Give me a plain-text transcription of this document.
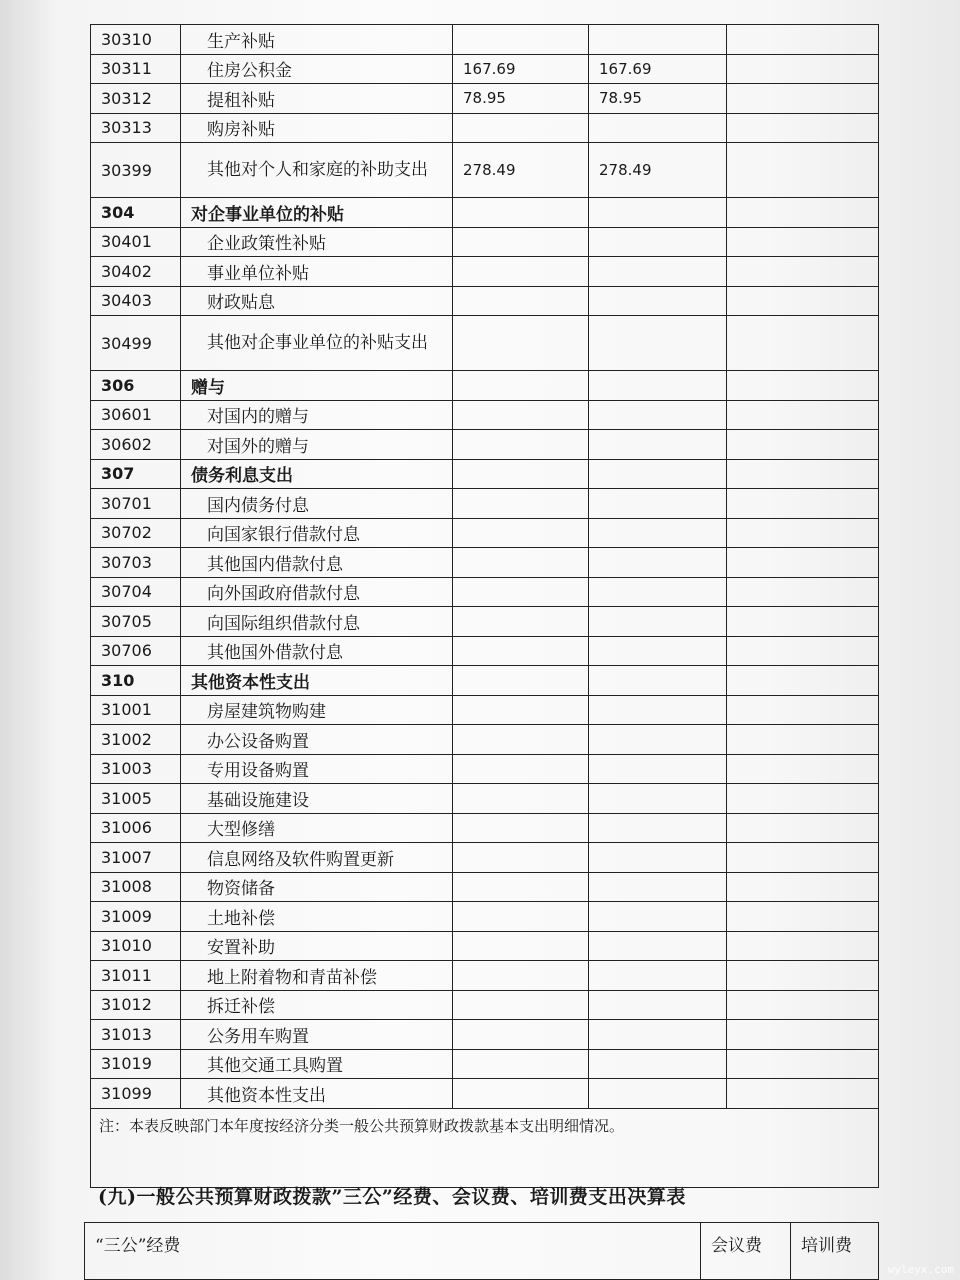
30310	生产补贴			
30311	住房公积金	167.69	167.69	
30312	提租补贴	78.95	78.95	
30313	购房补贴			
30399	其他对个人和家庭的补助支出	278.49	278.49	
304	对企事业单位的补贴			
30401	企业政策性补贴			
30402	事业单位补贴			
30403	财政贴息			
30499	其他对企事业单位的补贴支出			
306	赠与			
30601	对国内的赠与			
30602	对国外的赠与			
307	债务利息支出			
30701	国内债务付息			
30702	向国家银行借款付息			
30703	其他国内借款付息			
30704	向外国政府借款付息			
30705	向国际组织借款付息			
30706	其他国外借款付息			
310	其他资本性支出			
31001	房屋建筑物购建			
31002	办公设备购置			
31003	专用设备购置			
31005	基础设施建设			
31006	大型修缮			
31007	信息网络及软件购置更新			
31008	物资储备			
31009	土地补偿			
31010	安置补助			
31011	地上附着物和青苗补偿			
31012	拆迁补偿			
31013	公务用车购置			
31019	其他交通工具购置			
31099	其他资本性支出			
注：本表反映部门本年度按经济分类一般公共预算财政拨款基本支出明细情况。				
(九)一般公共预算财政拨款”三公”经费、会议费、培训费支出决算表
“三公”经费	会议费	培训费
wyleyx.com
